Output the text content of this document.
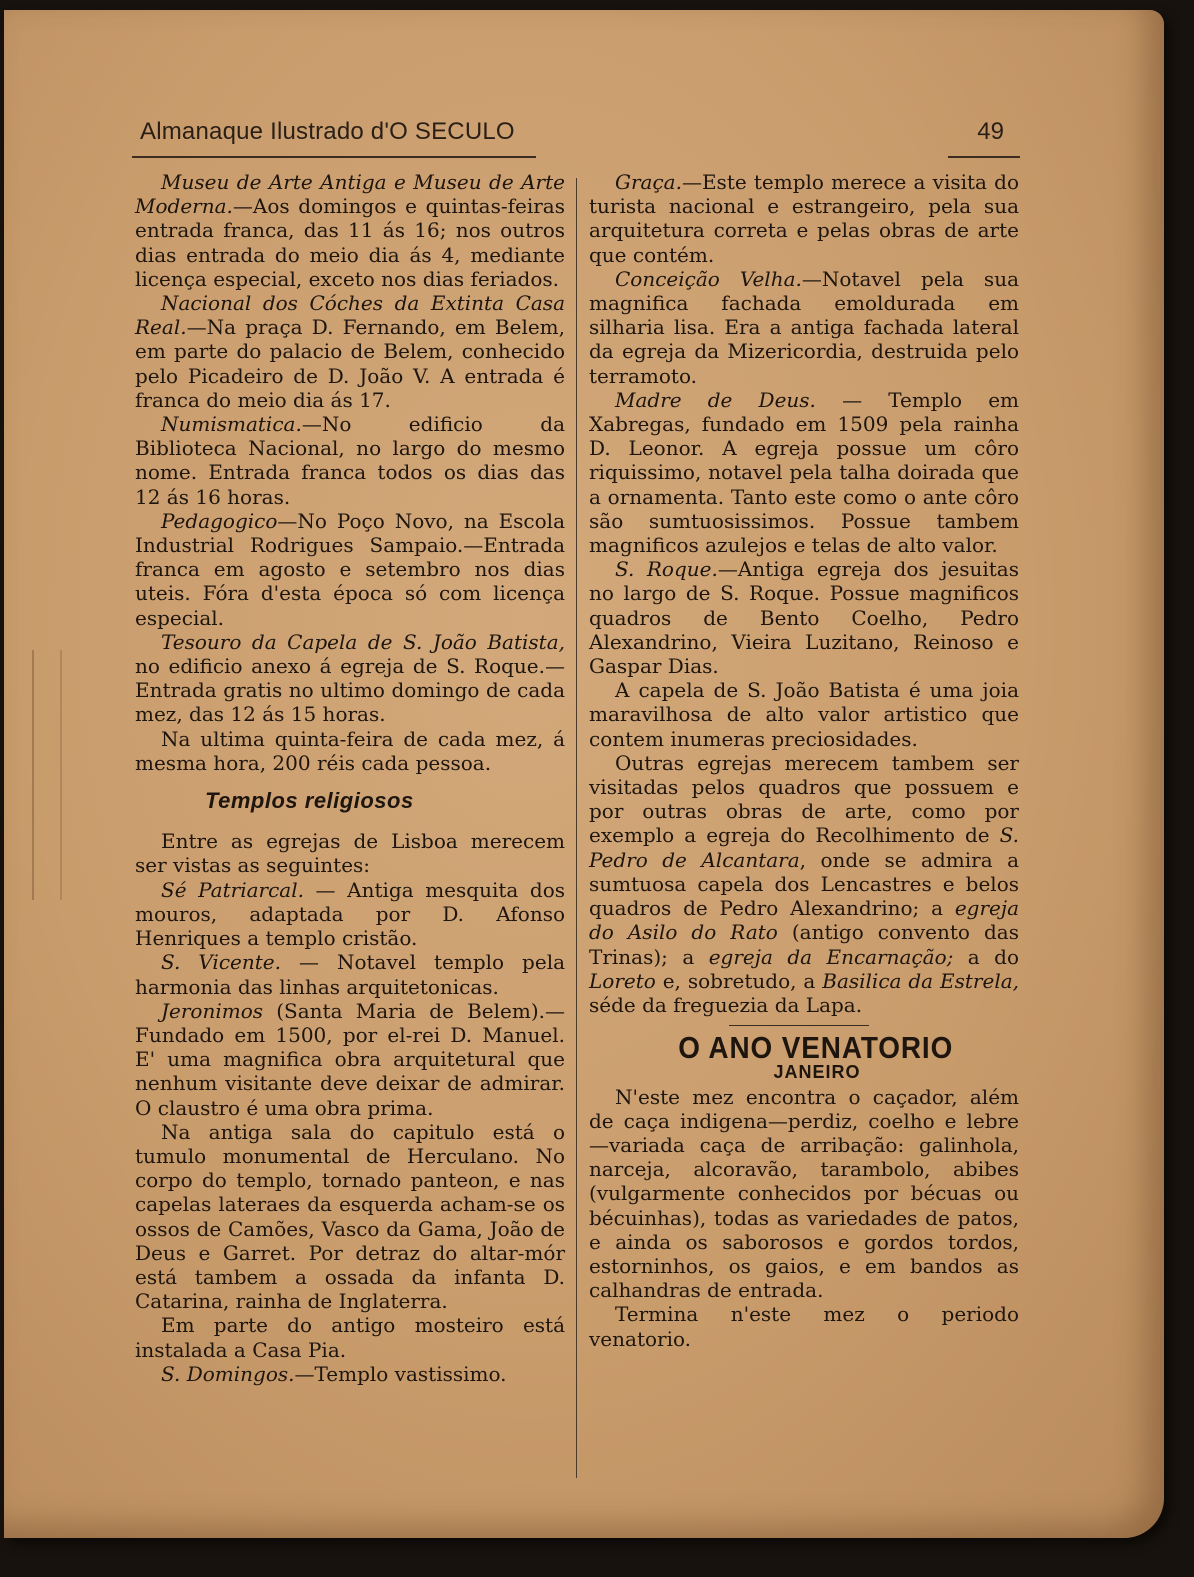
Almanaque Ilustrado d'O SECULO	49

Museu de Arte Antiga e Museu de Arte Moderna.—Aos domingos e quintas-feiras entrada franca, das 11 ás 16; nos outros dias entrada do meio dia ás 4, mediante licença especial, exceto nos dias feriados.

Nacional dos Cóches da Extinta Casa Real.—Na praça D. Fernando, em Belem, em parte do palacio de Belem, conhecido pelo Picadeiro de D. João V. A entrada é franca do meio dia ás 17.

Numismatica.—No edificio da Biblioteca Nacional, no largo do mesmo nome. Entrada franca todos os dias das 12 ás 16 horas.

Pedagogico—No Poço Novo, na Escola Industrial Rodrigues Sampaio.—Entrada franca em agosto e setembro nos dias uteis. Fóra d'esta época só com licença especial.

Tesouro da Capela de S. João Batista, no edificio anexo á egreja de S. Roque.—Entrada gratis no ultimo domingo de cada mez, das 12 ás 15 horas.

Na ultima quinta-feira de cada mez, á mesma hora, 200 réis cada pessoa.

Templos religiosos

Entre as egrejas de Lisboa merecem ser vistas as seguintes:

Sé Patriarcal. — Antiga mesquita dos mouros, adaptada por D. Afonso Henriques a templo cristão.

S. Vicente. — Notavel templo pela harmonia das linhas arquitetonicas.

Jeronimos (Santa Maria de Belem).— Fundado em 1500, por el-rei D. Manuel. E' uma magnifica obra arquitetural que nenhum visitante deve deixar de admirar. O claustro é uma obra prima.

Na antiga sala do capitulo está o tumulo monumental de Herculano. No corpo do templo, tornado panteon, e nas capelas lateraes da esquerda acham-se os ossos de Camões, Vasco da Gama, João de Deus e Garret. Por detraz do altar-mór está tambem a ossada da infanta D. Catarina, rainha de Inglaterra.

Em parte do antigo mosteiro está instalada a Casa Pia.

S. Domingos.—Templo vastissimo.

Graça.—Este templo merece a visita do turista nacional e estrangeiro, pela sua arquitetura correta e pelas obras de arte que contém.

Conceição Velha.—Notavel pela sua magnifica fachada emoldurada em silharia lisa. Era a antiga fachada lateral da egreja da Mizericordia, destruida pelo terramoto.

Madre de Deus. — Templo em Xabregas, fundado em 1509 pela rainha D. Leonor. A egreja possue um côro riquissimo, notavel pela talha doirada que a ornamenta. Tanto este como o ante côro são sumtuosissimos. Possue tambem magnificos azulejos e telas de alto valor.

S. Roque.—Antiga egreja dos jesuitas no largo de S. Roque. Possue magnificos quadros de Bento Coelho, Pedro Alexandrino, Vieira Luzitano, Reinoso e Gaspar Dias.

A capela de S. João Batista é uma joia maravilhosa de alto valor artistico que contem inumeras preciosidades.

Outras egrejas merecem tambem ser visitadas pelos quadros que possuem e por outras obras de arte, como por exemplo a egreja do Recolhimento de S. Pedro de Alcantara, onde se admira a sumtuosa capela dos Lencastres e belos quadros de Pedro Alexandrino; a egreja do Asilo do Rato (antigo convento das Trinas); a egreja da Encarnação; a do Loreto e, sobretudo, a Basilica da Estrela, séde da freguezia da Lapa.

O ANO VENATORIO

JANEIRO

N'este mez encontra o caçador, além de caça indigena—perdiz, coelho e lebre—variada caça de arribação: galinhola, narceja, alcoravão, tarambolo, abibes (vulgarmente conhecidos por bécuas ou bécuinhas), todas as variedades de patos, e ainda os saborosos e gordos tordos, estorninhos, os gaios, e em bandos as calhandras de entrada.

Termina n'este mez o periodo venatorio.
